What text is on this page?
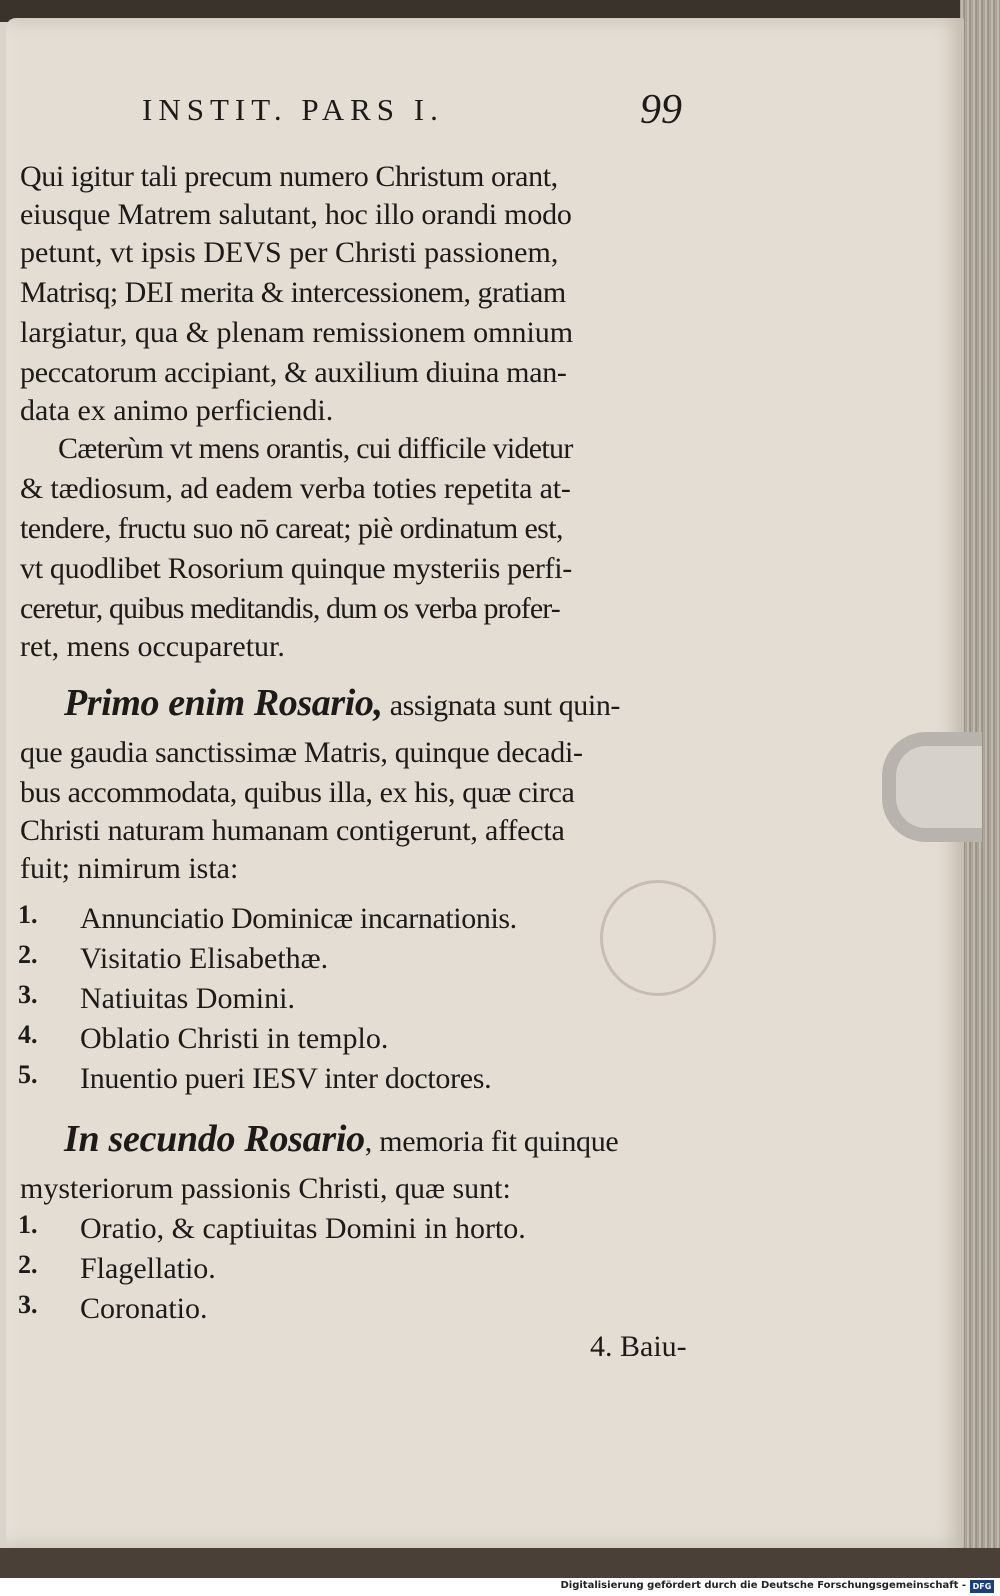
INSTIT. PARS I.	99
Qui igitur tali precum numero Christum orant,
eiusque Matrem salutant, hoc illo orandi modo
petunt, vt ipsis DEVS per Christi passionem,
Matrisq; DEI merita & intercessionem, gratiam
largiatur, qua & plenam remissionem omnium
peccatorum accipiant, & auxilium diuina man-
data ex animo perficiendi.
Cæterùm vt mens orantis, cui difficile videtur
& tædiosum, ad eadem verba toties repetita at-
tendere, fructu suo nō careat; piè ordinatum est,
vt quodlibet Rosorium quinque mysteriis perfi-
ceretur, quibus meditandis, dum os verba profer-
ret, mens occuparetur.
Primo enim Rosario, assignata sunt quin-
que gaudia sanctissimæ Matris, quinque decadi-
bus accommodata, quibus illa, ex his, quæ circa
Christi naturam humanam contigerunt, affecta
fuit; nimirum ista:
1. Annunciatio Dominicæ incarnationis.
2. Visitatio Elisabethæ.
3. Natiuitas Domini.
4. Oblatio Christi in templo.
5. Inuentio pueri IESV inter doctores.
In secundo Rosario, memoria fit quinque
mysteriorum passionis Christi, quæ sunt:
1. Oratio, & captiuitas Domini in horto.
2. Flagellatio.
3. Coronatio.
4. Baiu-
Digitalisierung gefördert durch die Deutsche Forschungsgemeinschaft - DFG
